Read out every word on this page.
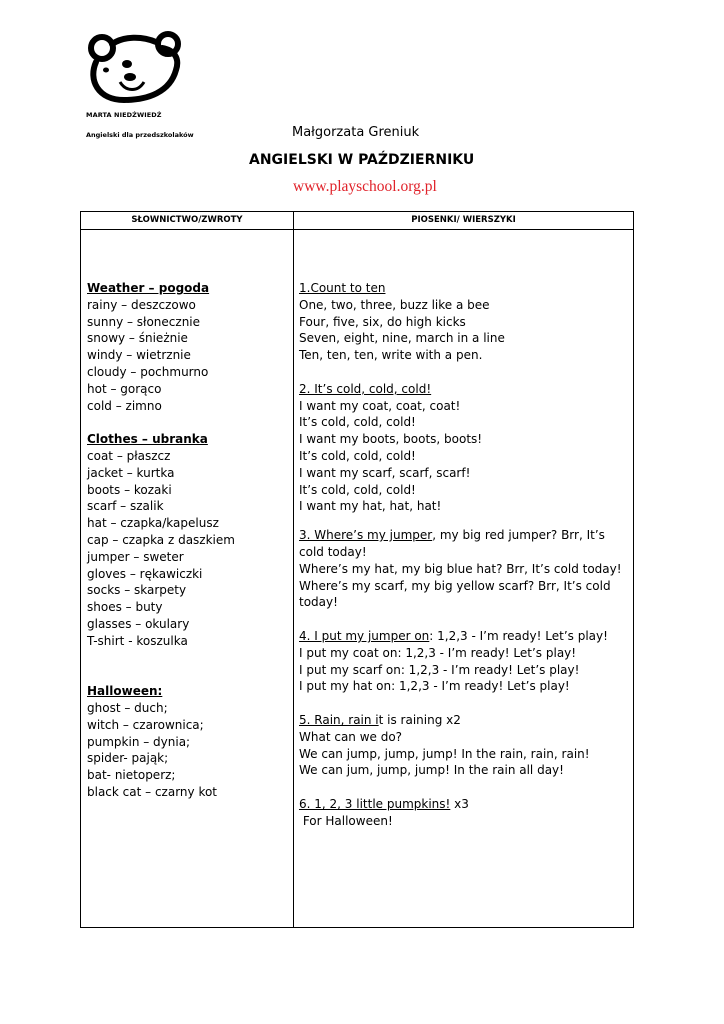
MARTA NIEDŹWIEDŹ
Angielski dla przedszkolaków	Małgorzata Greniuk
ANGIELSKI W PAŹDZIERNIKU
www.playschool.org.pl
SŁOWNICTWO/ZWROTY	PIOSENKI/ WIERSZYKI
Weather – pogoda
rainy – deszczowo
sunny – słonecznie
snowy – śnieżnie
windy – wietrznie
cloudy – pochmurno
hot – gorąco
cold – zimno
Clothes – ubranka
coat – płaszcz
jacket – kurtka
boots – kozaki
scarf – szalik
hat – czapka/kapelusz
cap – czapka z daszkiem
jumper – sweter
gloves – rękawiczki
socks – skarpety
shoes – buty
glasses – okulary
T-shirt - koszulka
Halloween:
ghost – duch;
witch – czarownica;
pumpkin – dynia;
spider- pająk;
bat- nietoperz;
black cat – czarny kot
1.Count to ten
One, two, three, buzz like a bee
Four, five, six, do high kicks
Seven, eight, nine, march in a line
Ten, ten, ten, write with a pen.
2. It’s cold, cold, cold!
I want my coat, coat, coat!
It’s cold, cold, cold!
I want my boots, boots, boots!
It’s cold, cold, cold!
I want my scarf, scarf, scarf!
It’s cold, cold, cold!
I want my hat, hat, hat!
3. Where’s my jumper, my big red jumper? Brr, It’s cold today!
Where’s my hat, my big blue hat? Brr, It’s cold today!
Where’s my scarf, my big yellow scarf? Brr, It’s cold today!
4. I put my jumper on: 1,2,3 - I’m ready! Let’s play!
I put my coat on: 1,2,3 - I’m ready! Let’s play!
I put my scarf on: 1,2,3 - I’m ready! Let’s play!
I put my hat on: 1,2,3 - I’m ready! Let’s play!
5. Rain, rain it is raining x2
What can we do?
We can jump, jump, jump! In the rain, rain, rain!
We can jum, jump, jump! In the rain all day!
6. 1, 2, 3 little pumpkins! x3
For Halloween!
